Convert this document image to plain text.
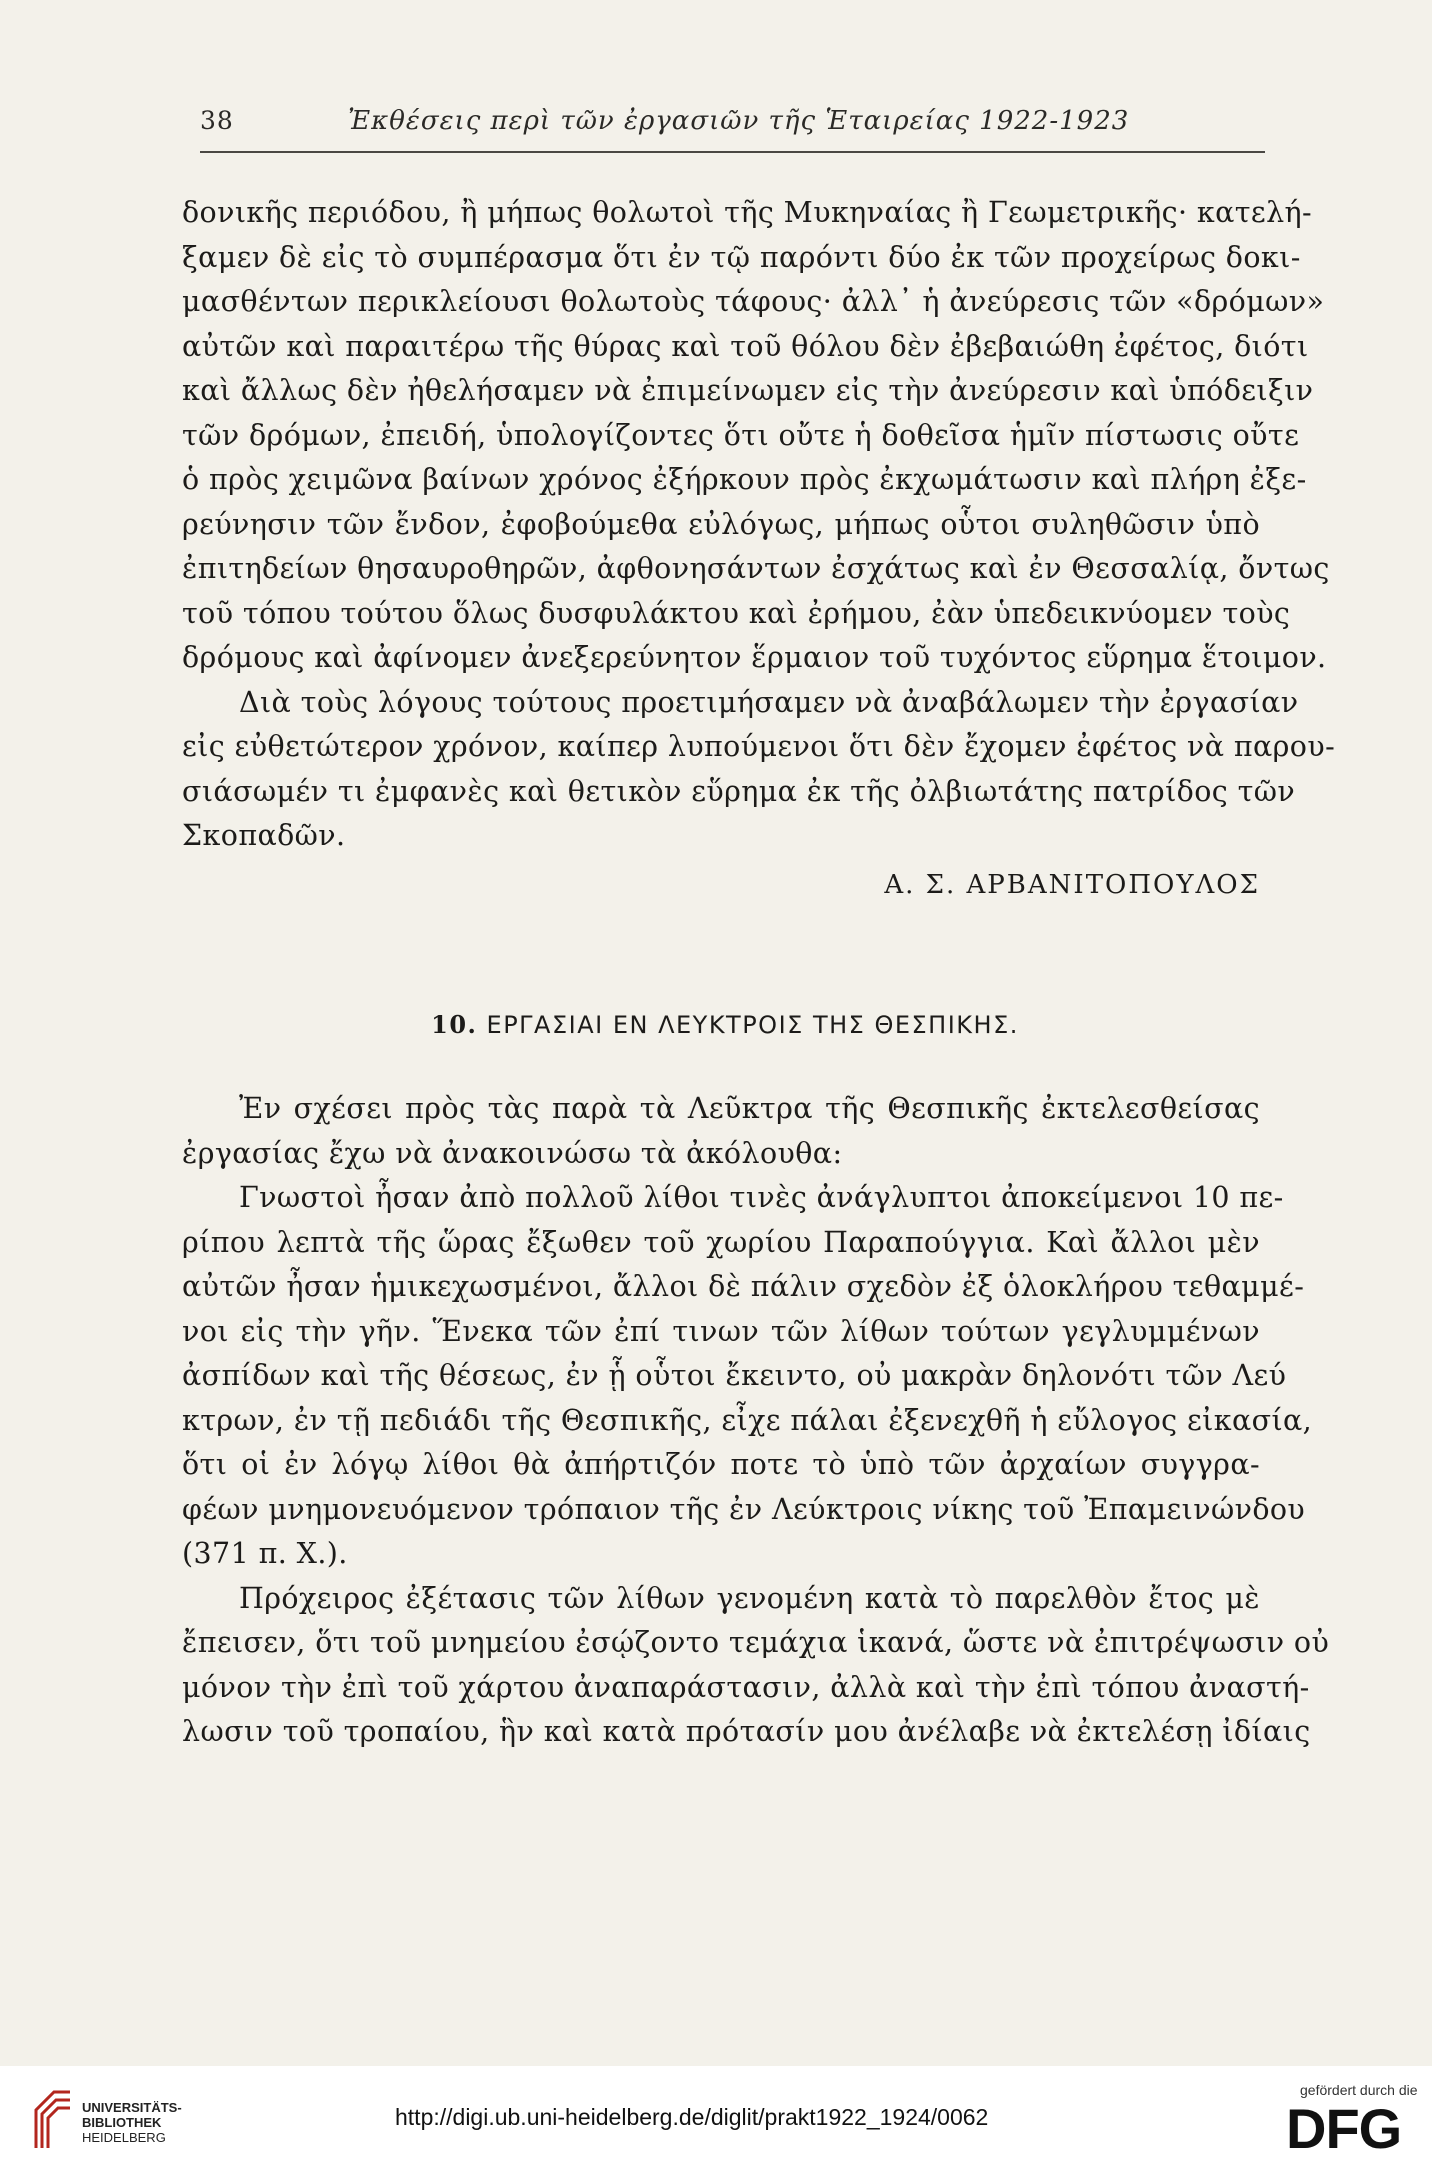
38	Ἐκθέσεις περὶ τῶν ἐργασιῶν τῆς Ἑταιρείας 1922-1923
δονικῆς περιόδου, ἢ μήπως θολωτοὶ τῆς Μυκηναίας ἢ Γεωμετρικῆς· κατελή-
ξαμεν δὲ εἰς τὸ συμπέρασμα ὅτι ἐν τῷ παρόντι δύο ἐκ τῶν προχείρως δοκι-
μασθέντων περικλείουσι θολωτοὺς τάφους· ἀλλ᾽ ἡ ἀνεύρεσις τῶν «δρόμων»
αὐτῶν καὶ παραιτέρω τῆς θύρας καὶ τοῦ θόλου δὲν ἐβεβαιώθη ἐφέτος, διότι
καὶ ἄλλως δὲν ἠθελήσαμεν νὰ ἐπιμείνωμεν εἰς τὴν ἀνεύρεσιν καὶ ὑπόδειξιν
τῶν δρόμων, ἐπειδή, ὑπολογίζοντες ὅτι οὔτε ἡ δοθεῖσα ἡμῖν πίστωσις οὔτε
ὁ πρὸς χειμῶνα βαίνων χρόνος ἐξήρκουν πρὸς ἐκχωμάτωσιν καὶ πλήρη ἐξε-
ρεύνησιν τῶν ἔνδον, ἐφοβούμεθα εὐλόγως, μήπως οὗτοι συληθῶσιν ὑπὸ
ἐπιτηδείων θησαυροθηρῶν, ἀφθονησάντων ἐσχάτως καὶ ἐν Θεσσαλίᾳ, ὄντως
τοῦ τόπου τούτου ὅλως δυσφυλάκτου καὶ ἐρήμου, ἐὰν ὑπεδεικνύομεν τοὺς
δρόμους καὶ ἀφίνομεν ἀνεξερεύνητον ἕρμαιον τοῦ τυχόντος εὕρημα ἕτοιμον.
Διὰ τοὺς λόγους τούτους προετιμήσαμεν νὰ ἀναβάλωμεν τὴν ἐργασίαν
εἰς εὐθετώτερον χρόνον, καίπερ λυπούμενοι ὅτι δὲν ἔχομεν ἐφέτος νὰ παρου-
σιάσωμέν τι ἐμφανὲς καὶ θετικὸν εὕρημα ἐκ τῆς ὀλβιωτάτης πατρίδος τῶν
Σκοπαδῶν.
Α. Σ. ΑΡΒΑΝΙΤΟΠΟΥΛΟΣ
10. ΕΡΓΑΣΙΑΙ ΕΝ ΛΕΥΚΤΡΟΙΣ ΤΗΣ ΘΕΣΠΙΚΗΣ.
Ἐν σχέσει πρὸς τὰς παρὰ τὰ Λεῦκτρα τῆς Θεσπικῆς ἐκτελεσθείσας
ἐργασίας ἔχω νὰ ἀνακοινώσω τὰ ἀκόλουθα:
Γνωστοὶ ἦσαν ἀπὸ πολλοῦ λίθοι τινὲς ἀνάγλυπτοι ἀποκείμενοι 10 πε-
ρίπου λεπτὰ τῆς ὥρας ἔξωθεν τοῦ χωρίου Παραπούγγια. Καὶ ἄλλοι μὲν
αὐτῶν ἦσαν ἡμικεχωσμένοι, ἄλλοι δὲ πάλιν σχεδὸν ἐξ ὁλοκλήρου τεθαμμέ-
νοι εἰς τὴν γῆν. Ἕνεκα τῶν ἐπί τινων τῶν λίθων τούτων γεγλυμμένων
ἀσπίδων καὶ τῆς θέσεως, ἐν ᾗ οὗτοι ἔκειντο, οὐ μακρὰν δηλονότι τῶν Λεύ
κτρων, ἐν τῇ πεδιάδι τῆς Θεσπικῆς, εἶχε πάλαι ἐξενεχθῆ ἡ εὔλογος εἰκασία,
ὅτι οἱ ἐν λόγῳ λίθοι θὰ ἀπήρτιζόν ποτε τὸ ὑπὸ τῶν ἀρχαίων συγγρα-
φέων μνημονευόμενον τρόπαιον τῆς ἐν Λεύκτροις νίκης τοῦ Ἐπαμεινώνδου
(371 π. Χ.).
Πρόχειρος ἐξέτασις τῶν λίθων γενομένη κατὰ τὸ παρελθὸν ἔτος μὲ
ἔπεισεν, ὅτι τοῦ μνημείου ἐσῴζοντο τεμάχια ἱκανά, ὥστε νὰ ἐπιτρέψωσιν οὐ
μόνον τὴν ἐπὶ τοῦ χάρτου ἀναπαράστασιν, ἀλλὰ καὶ τὴν ἐπὶ τόπου ἀναστή-
λωσιν τοῦ τροπαίου, ἣν καὶ κατὰ πρότασίν μου ἀνέλαβε νὰ ἐκτελέσῃ ἰδίαις
UNIVERSITÄTS-
BIBLIOTHEK
HEIDELBERG
http://digi.ub.uni-heidelberg.de/diglit/prakt1922_1924/0062
gefördert durch die
DFG
